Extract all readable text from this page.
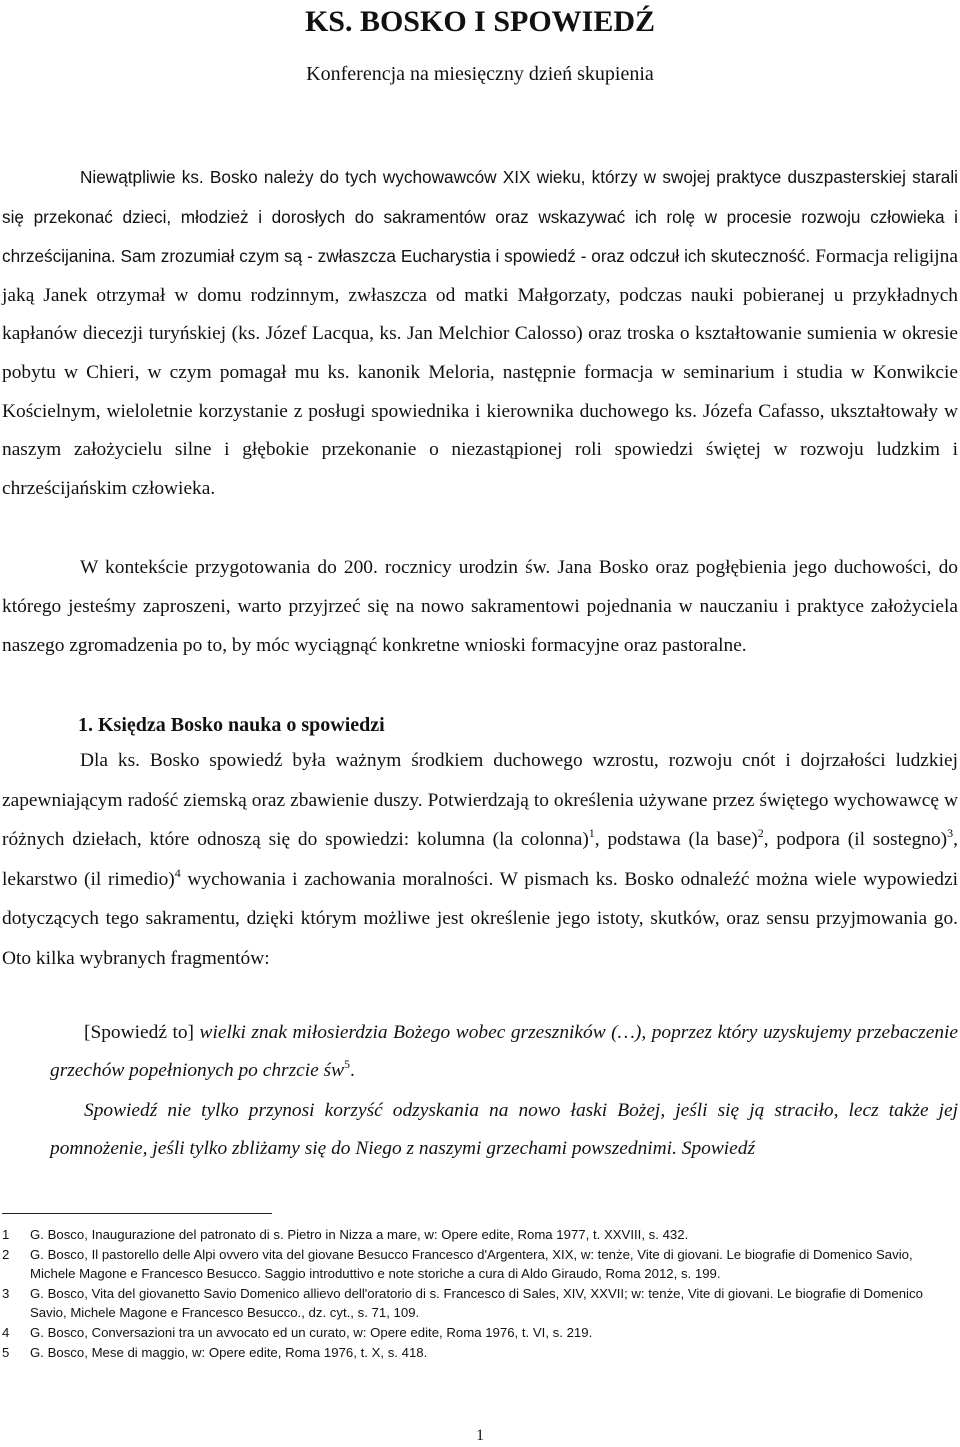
KS. BOSKO I SPOWIEDŹ
Konferencja na miesięczny dzień skupienia
Niewątpliwie ks. Bosko należy do tych wychowawców XIX wieku, którzy w swojej praktyce duszpasterskiej starali się przekonać dzieci, młodzież i dorosłych do sakramentów oraz wskazywać ich rolę w procesie rozwoju człowieka i chrześcijanina. Sam zrozumiał czym są - zwłaszcza Eucharystia i spowiedź - oraz odczuł ich skuteczność. Formacja religijna jaką Janek otrzymał w domu rodzinnym, zwłaszcza od matki Małgorzaty, podczas nauki pobieranej u przykładnych kapłanów diecezji turyńskiej (ks. Józef Lacqua, ks. Jan Melchior Calosso) oraz troska o kształtowanie sumienia w okresie pobytu w Chieri, w czym pomagał mu ks. kanonik Meloria, następnie formacja w seminarium i studia w Konwikcie Kościelnym, wieloletnie korzystanie z posługi spowiednika i kierownika duchowego ks. Józefa Cafasso, ukształtowały w naszym założycielu silne i głębokie przekonanie o niezastąpionej roli spowiedzi świętej w rozwoju ludzkim i chrześcijańskim człowieka.
W kontekście przygotowania do 200. rocznicy urodzin św. Jana Bosko oraz pogłębienia jego duchowości, do którego jesteśmy zaproszeni, warto przyjrzeć się na nowo sakramentowi pojednania w nauczaniu i praktyce założyciela naszego zgromadzenia po to, by móc wyciągnąć konkretne wnioski formacyjne oraz pastoralne.
1. Księdza Bosko nauka o spowiedzi
Dla ks. Bosko spowiedź była ważnym środkiem duchowego wzrostu, rozwoju cnót i dojrzałości ludzkiej zapewniającym radość ziemską oraz zbawienie duszy. Potwierdzają to określenia używane przez świętego wychowawcę w różnych dziełach, które odnoszą się do spowiedzi: kolumna (la colonna)$^1$, podstawa (la base)$^2$, podpora (il sostegno)$^3$, lekarstwo (il rimedio)$^4$ wychowania i zachowania moralności. W pismach ks. Bosko odnaleźć można wiele wypowiedzi dotyczących tego sakramentu, dzięki którym możliwe jest określenie jego istoty, skutków, oraz sensu przyjmowania go. Oto kilka wybranych fragmentów:
[Spowiedź to] wielki znak miłosierdzia Bożego wobec grzeszników (…), poprzez który uzyskujemy przebaczenie grzechów popełnionych po chrzcie $św^5$.
Spowiedź nie tylko przynosi korzyść odzyskania na nowo łaski Bożej, jeśli się ją straciło, lecz także jej pomnożenie, jeśli tylko zbliżamy się do Niego z naszymi grzechami powszednimi. Spowiedź
1	G. Bosco, Inaugurazione del patronato di s. Pietro in Nizza a mare, w: Opere edite, Roma 1977, t. XXVIII, s. 432.
2	G. Bosco, Il pastorello delle Alpi ovvero vita del giovane Besucco Francesco d'Argentera, XIX, w: tenże, Vite di giovani. Le biografie di Domenico Savio, Michele Magone e Francesco Besucco. Saggio introduttivo e note storiche a cura di Aldo Giraudo, Roma 2012, s. 199.
3	G. Bosco, Vita del giovanetto Savio Domenico allievo dell'oratorio di s. Francesco di Sales, XIV, XXVII; w: tenże, Vite di giovani. Le biografie di Domenico Savio, Michele Magone e Francesco Besucco., dz. cyt., s. 71, 109.
4	G. Bosco, Conversazioni tra un avvocato ed un curato, w: Opere edite, Roma 1976, t. VI, s. 219.
5	G. Bosco, Mese di maggio, w: Opere edite, Roma 1976, t. X, s. 418.
1
